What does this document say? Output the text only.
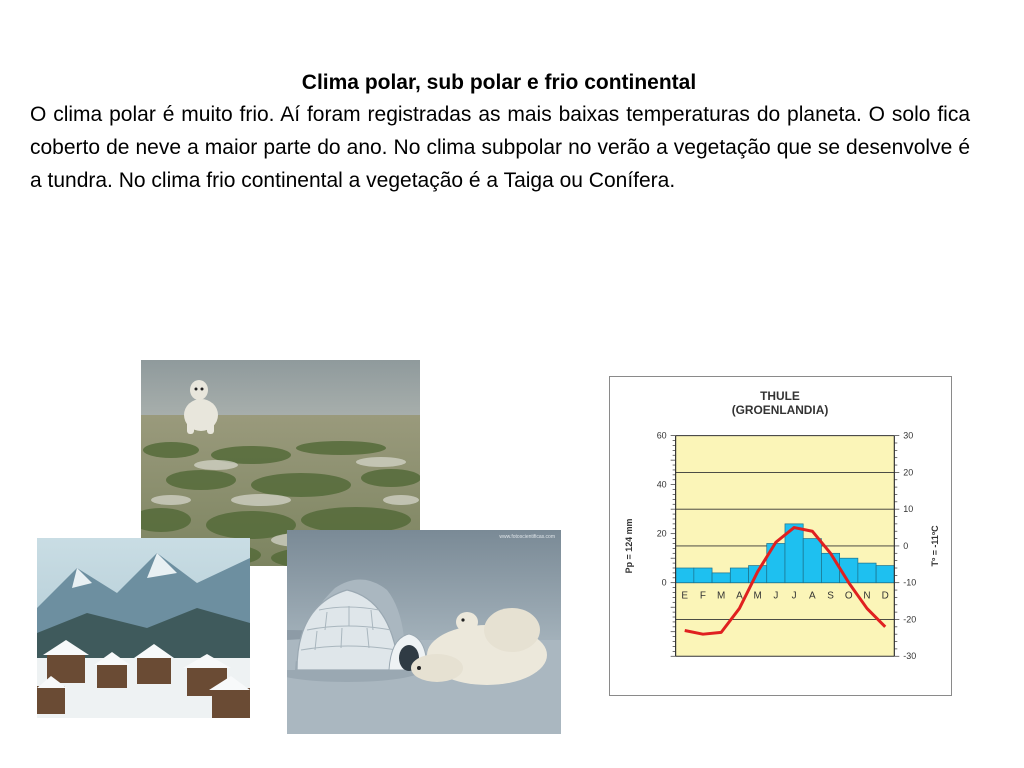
Clima polar, sub polar e frio continental

O clima polar é muito frio. Aí foram registradas as mais baixas temperaturas do planeta. O solo fica coberto de neve a maior parte do ano. No clima subpolar no verão a vegetação que se desenvolve é a tundra. No clima frio continental a vegetação é a Taiga ou Conífera.

www.fotoscientificas.com
THULE
(GROENLANDIA)
0
20
40
60	30
20
10
0
-10
-20
-30
E F M A M J J A S O N D
Pp = 124 mm	Tº = -11ºC
